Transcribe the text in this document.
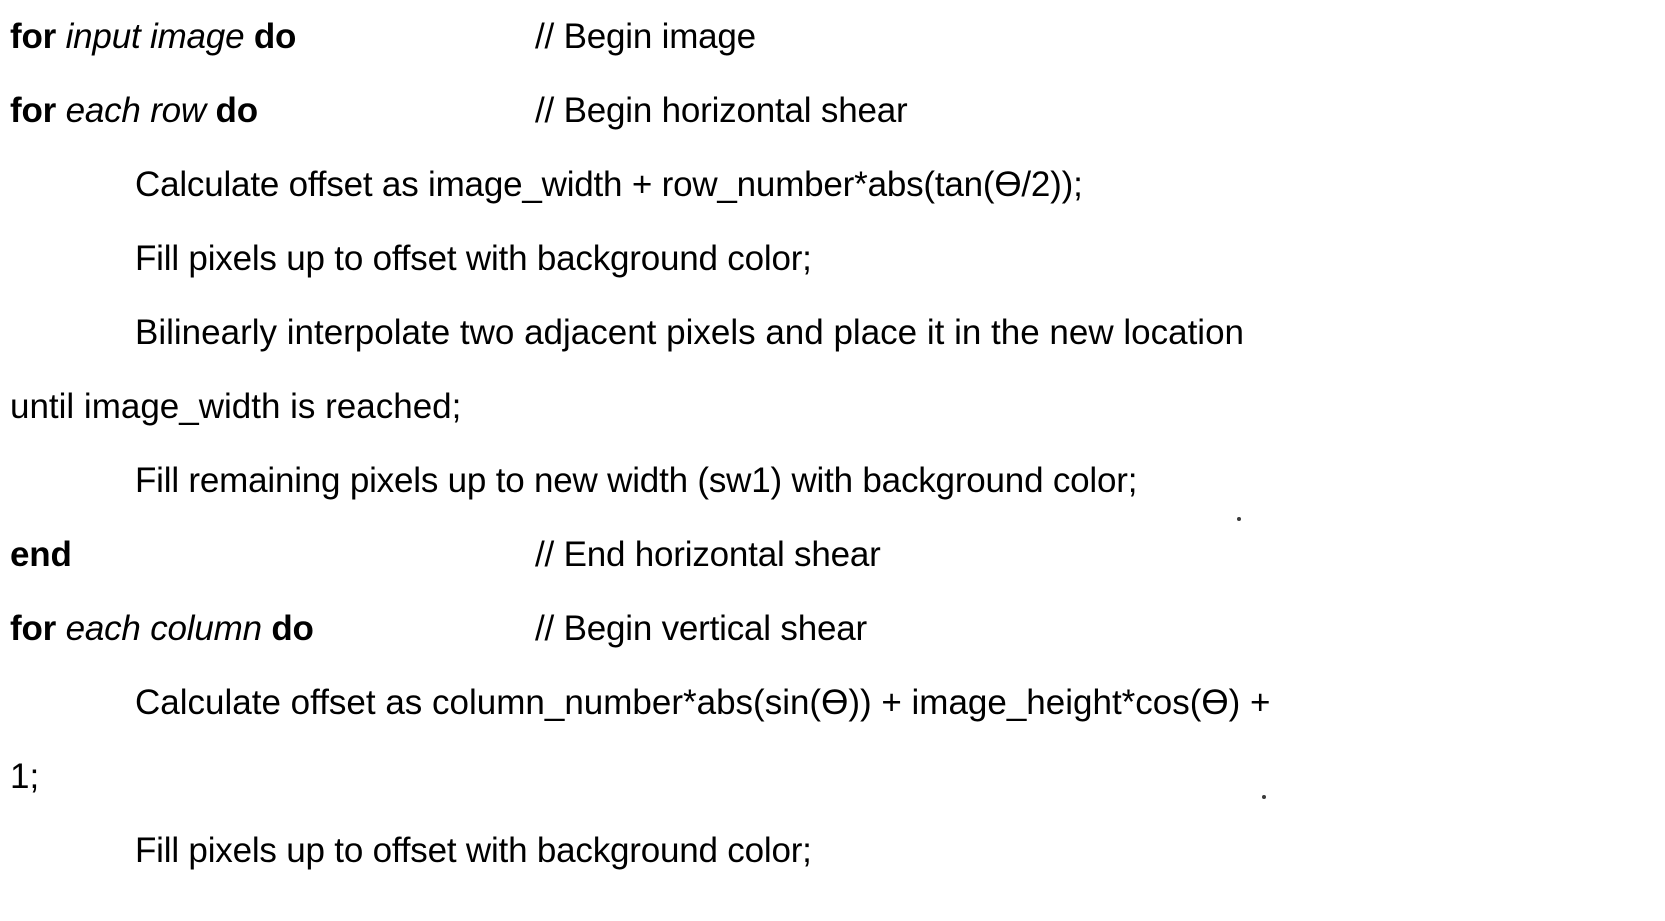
for input image do	// Begin image
for each row do	// Begin horizontal shear
Calculate offset as image_width + row_number*abs(tan(Ө/2));
Fill pixels up to offset with background color;
Bilinearly interpolate two adjacent pixels and place it in the new location
until image_width is reached;
Fill remaining pixels up to new width (sw1) with background color;
end	// End horizontal shear
for each column do	// Begin vertical shear
Calculate offset as column_number*abs(sin(Ө)) + image_height*cos(Ө) +
1;
Fill pixels up to offset with background color;
